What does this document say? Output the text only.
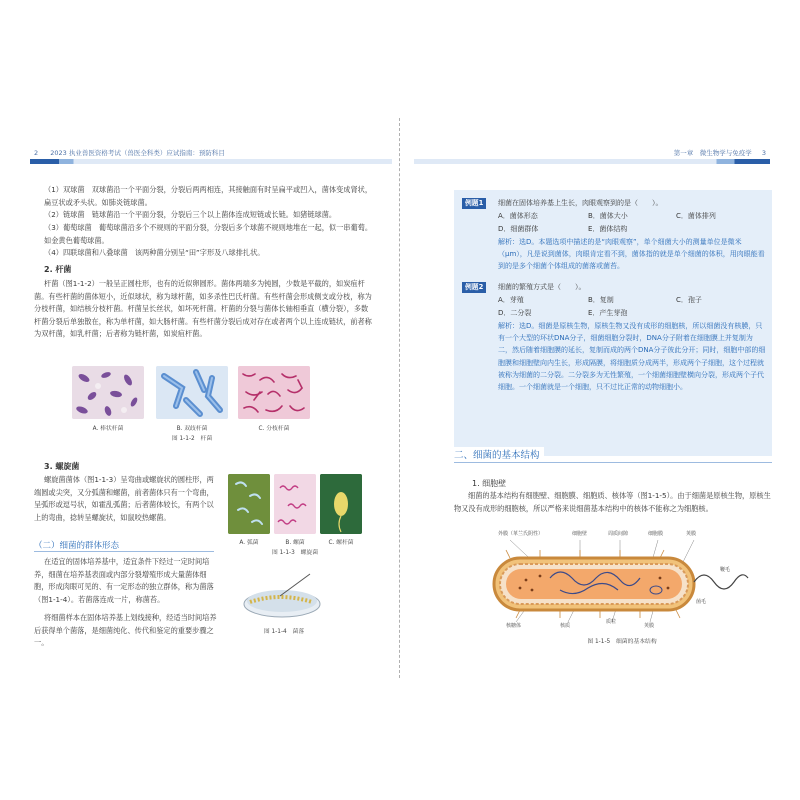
2 2023 执业兽医资格考试（兽医全科类）应试指南：预防科目
（1）双球菌　双球菌沿一个平面分裂，分裂后两两相连，其接触面有时呈扁平或凹入，菌体变成肾状，扁豆状或矛头状。如肺炎链球菌。
（2）链球菌　链球菌沿一个平面分裂，分裂后三个以上菌体连成短链或长链。如猪链球菌。
（3）葡萄球菌　葡萄球菌沿多个不规则的平面分裂，分裂后多个球菌不规则地堆在一起，似一串葡萄。如金黄色葡萄球菌。
（4）四联球菌和八叠球菌　该两种菌分别呈“田”字形及八球排扎状。
2. 杆菌
杆菌（图1-1-2）一般呈正圆柱形，也有的近似卵圆形。菌体两端多为钝圆，少数是平截的，如炭疽杆菌。有些杆菌的菌体短小，近似球状，称为球杆菌，如多杀性巴氏杆菌。有些杆菌会形成侧支或分枝，称为分枝杆菌，如结核分枝杆菌。杆菌呈长丝状，如坏死杆菌。杆菌的分裂与菌体长轴相垂直（横分裂），多数杆菌分裂后单独散在，称为单杆菌，如大肠杆菌。有些杆菌分裂后成对存在或者两个以上连成链状，前者称为双杆菌，如乳杆菌；后者称为链杆菌，如炭疽杆菌。
A. 棒状杆菌	B. 双歧杆菌	C. 分枝杆菌
图 1-1-2　杆菌
3. 螺旋菌
螺旋菌菌体（图1-1-3）呈弯曲或螺旋状的圆柱形，两端圆或尖突，又分弧菌和螺菌，前者菌体只有一个弯曲，呈弧形或逗号状，如霍乱弧菌；后者菌体较长，有两个以上的弯曲，捻转呈螺旋状，如鼠咬热螺菌。
A. 弧菌	B. 螺菌	C. 螺杆菌
图 1-1-3　螺旋菌
（二）细菌的群体形态
在适宜的固体培养基中，适宜条件下经过一定时间培养，细菌在培养基表面或内部分裂增殖形成大量菌体细胞，形成肉眼可见的、有一定形态的独立群体，称为菌落（图1-1-4）。若菌落连成一片，称菌苔。
将细菌样本在固体培养基上划线接种，经适当时间培养后获得单个菌落，是细菌纯化、传代和鉴定的重要步骤之一。
图 1-1-4　菌落
第一章　微生物学与免疫学 3
例题1	细菌在固体培养基上生长，肉眼观察到的是（　　）。
A．菌体形态	B．菌体大小	C．菌体排列
D．细菌群体	E．菌体结构
解析：选D。本题选项中描述的是“肉眼观察”，单个细菌大小的测量单位是微米（μm），凡是说到菌体，肉眼肯定看不到，菌体指的就是单个细菌的体积，用肉眼能看到的是多个细菌个体组成的菌落或菌苔。
例题2	细菌的繁殖方式是（　　）。
A．芽殖	B．复制	C．孢子
D．二分裂	E．产生芽孢
解析：选D。细菌是原核生物，原核生物又没有成形的细胞核，所以细菌没有核膜，只有一个大型的环状DNA分子，细菌细胞分裂时，DNA分子附着在细胞膜上并复制为二，然后随着细胞膜的延长，复制而成的两个DNA分子彼此分开；同时，细胞中部的细胞膜和细胞壁向内生长，形成隔膜，将细胞质分成两半，形成两个子细胞，这个过程就被称为细菌的二分裂。二分裂多为无性繁殖，一个细菌细胞壁横向分裂，形成两个子代细胞。一个细菌就是一个细胞，只不过比正常的动物细胞小。
二、细菌的基本结构
1. 细胞壁
细菌的基本结构有细胞壁、细胞膜、细胞质、核体等（图1-1-5）。由于细菌是原核生物，原核生物又没有成形的细胞核，所以严格来说细菌基本结构中的核体不能称之为细胞核。
外膜（革兰氏阴性）	细胞壁	周质间隙	细胞膜	荚膜
鞭毛
菌毛
核糖体	核质
质粒
荚膜
图 1-1-5　细菌的基本结构
